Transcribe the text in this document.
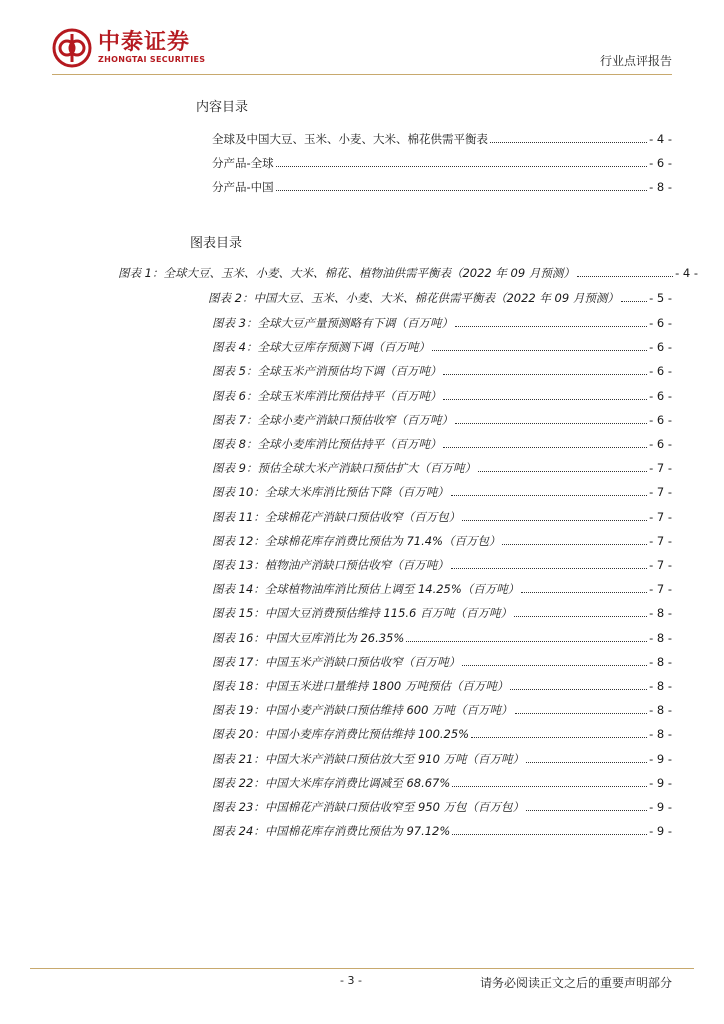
中泰证券
ZHONGTAI SECURITIES	行业点评报告
内容目录
全球及中国大豆、玉米、小麦、大米、棉花供需平衡表	- 4 -
分产品-全球	- 6 -
分产品-中国	- 8 -
图表目录
图表 1：全球大豆、玉米、小麦、大米、棉花、植物油供需平衡表（2022 年 09 月预测）	- 4 -
图表 2：中国大豆、玉米、小麦、大米、棉花供需平衡表（2022 年 09 月预测）	- 5 -
图表 3：全球大豆产量预测略有下调（百万吨）	- 6 -
图表 4：全球大豆库存预测下调（百万吨）	- 6 -
图表 5：全球玉米产消预估均下调（百万吨）	- 6 -
图表 6：全球玉米库消比预估持平（百万吨）	- 6 -
图表 7：全球小麦产消缺口预估收窄（百万吨）	- 6 -
图表 8：全球小麦库消比预估持平（百万吨）	- 6 -
图表 9：预估全球大米产消缺口预估扩大（百万吨）	- 7 -
图表 10：全球大米库消比预估下降（百万吨）	- 7 -
图表 11：全球棉花产消缺口预估收窄（百万包）	- 7 -
图表 12：全球棉花库存消费比预估为 71.4%（百万包）	- 7 -
图表 13：植物油产消缺口预估收窄（百万吨）	- 7 -
图表 14：全球植物油库消比预估上调至 14.25%（百万吨）	- 7 -
图表 15：中国大豆消费预估维持 115.6 百万吨（百万吨）	- 8 -
图表 16：中国大豆库消比为 26.35%	- 8 -
图表 17：中国玉米产消缺口预估收窄（百万吨）	- 8 -
图表 18：中国玉米进口量维持 1800 万吨预估（百万吨）	- 8 -
图表 19：中国小麦产消缺口预估维持 600 万吨（百万吨）	- 8 -
图表 20：中国小麦库存消费比预估维持 100.25%	- 8 -
图表 21：中国大米产消缺口预估放大至 910 万吨（百万吨）	- 9 -
图表 22：中国大米库存消费比调减至 68.67%	- 9 -
图表 23：中国棉花产消缺口预估收窄至 950 万包（百万包）	- 9 -
图表 24：中国棉花库存消费比预估为 97.12%	- 9 -
- 3 -	请务必阅读正文之后的重要声明部分
